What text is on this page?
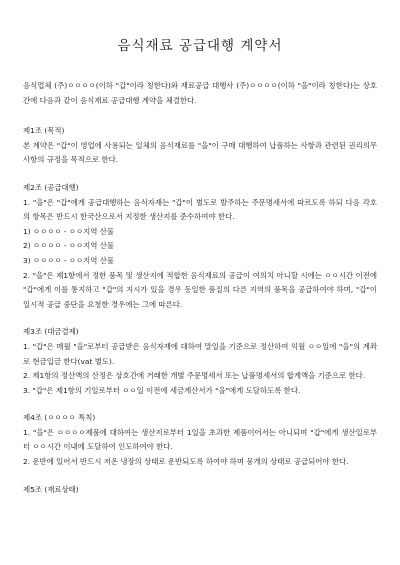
음식재료 공급대행 계약서

음식업체 (주)ㅇㅇㅇㅇ(이하 "갑"이라 칭한다)와 재료공급 대행사 (주)ㅇㅇㅇㅇ(이하 "을"이라 칭한다)는 상호간에 다음과 같이 음식재료 공급대행 계약을 체결한다.

제1조 (목적)

본 계약은 "갑"이 영업에 사용되는 일체의 음식재료를 "을"이 구매 대행하여 납품하는 사항과 관련된 권리의무 사항의 규정을 목적으로 한다.

제2조 (공급대행)

1. "을"은 "갑"에게 공급대행하는 음식자재는 "갑"이 별도로 발주하는 주문명세서에 따르도록 하되 다음 각호의 항목은 반드시 한국산으로서 지정한 생산지를 준수하여야 한다.

1) ㅇㅇㅇㅇ - ㅇㅇ지역 산물

2) ㅇㅇㅇㅇ - ㅇㅇ지역 산물

3) ㅇㅇㅇㅇ - ㅇㅇ지역 산물

2. "을"은 제1항에서 정한 품목 및 생산지에 적합한 음식재료의 공급이 여의치 아니할 시에는 ㅇㅇ시간 이전에 "갑"에게 이를 통지하고 "갑"의 지시가 있을 경우 동일한 품질의 다른 지역의 품목을 공급하여야 하며, "갑"이 일시적 공급 중단을 요청한 경우에는 그에 따른다.

제3조 (대금결제)

1. "갑"은 매월 "을"로부터 공급받은 음식자재에 대하여 말일을 기준으로 정산하여 익월 ㅇㅇ일에 "을"의 계좌로 현금입금 한다(vat 별도).

2. 제1항의 정산액의 산정은 상호간에 거래한 개별 주문명세서 또는 납품명세서의 합계액을 기준으로 한다.

3. "갑"은 제1항의 기일로부터 ㅇㅇ일 이전에 세금계산서가 "을"에게 도달하도록 한다.

제4조 (ㅇㅇㅇㅇ 특칙)

1. "을"은 ㅇㅇㅇㅇ제품에 대하여는 생산지로부터 1일을 초과한 제품이어서는 아니되며 "갑"에게 생산일로부터 ㅇㅇ시간 이내에 도달하여 인도하여야 한다.

2. 운반에 있어서 반드시 저온 냉장의 상태로 운반되도록 하여야 하며 뭉개의 상태로 공급되어야 한다.

제5조 (재료상태)
